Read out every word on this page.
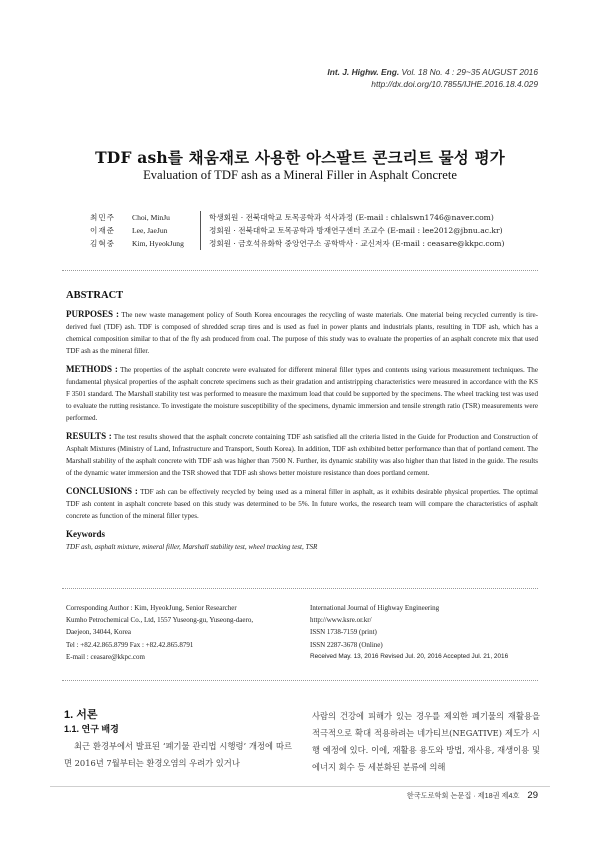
Int. J. Highw. Eng. Vol. 18 No. 4 : 29~35 AUGUST 2016
http://dx.doi.org/10.7855/IJHE.2016.18.4.029
TDF ash를 채움재로 사용한 아스팔트 콘크리트 물성 평가
Evaluation of TDF ash as a Mineral Filler in Asphalt Concrete
최민주	Choi, MinJu	학생회원 · 전북대학교 토목공학과 석사과정 (E-mail : chlalswn1746@naver.com)
이재준	Lee, JaeJun	정회원 · 전북대학교 토목공학과 방재연구센터 조교수 (E-mail : lee2012@jbnu.ac.kr)
김혁중	Kim, HyeokJung	정회원 · 금호석유화학 중앙연구소 공학박사 · 교신저자 (E-mail : ceasare@kkpc.com)
ABSTRACT

PURPOSES : The new waste management policy of South Korea encourages the recycling of waste materials. One material being recycled currently is tire-derived fuel (TDF) ash. TDF is composed of shredded scrap tires and is used as fuel in power plants and industrials plants, resulting in TDF ash, which has a chemical composition similar to that of the fly ash produced from coal. The purpose of this study was to evaluate the properties of an asphalt concrete mix that used TDF ash as the mineral filler.

METHODS : The properties of the asphalt concrete were evaluated for different mineral filler types and contents using various measurement techniques. The fundamental physical properties of the asphalt concrete specimens such as their gradation and antistripping characteristics were measured in accordance with the KS F 3501 standard. The Marshall stability test was performed to measure the maximum load that could be supported by the specimens. The wheel tracking test was used to evaluate the rutting resistance. To investigate the moisture susceptibility of the specimens, dynamic immersion and tensile strength ratio (TSR) measurements were performed.

RESULTS : The test results showed that the asphalt concrete containing TDF ash satisfied all the criteria listed in the Guide for Production and Construction of Asphalt Mixtures (Ministry of Land, Infrastructure and Transport, South Korea). In addition, TDF ash exhibited better performance than that of portland cement. The Marshall stability of the asphalt concrete with TDF ash was higher than 7500 N. Further, its dynamic stability was also higher than that listed in the guide. The results of the dynamic water immersion and the TSR showed that TDF ash shows better moisture resistance than does portland cement.

CONCLUSIONS : TDF ash can be effectively recycled by being used as a mineral filler in asphalt, as it exhibits desirable physical properties. The optimal TDF ash content in asphalt concrete based on this study was determined to be 5%. In future works, the research team will compare the characteristics of asphalt concrete as function of the mineral filler types.

Keywords
TDF ash, asphalt mixture, mineral filler, Marshall stability test, wheel tracking test, TSR
Corresponding Author : Kim, HyeokJung, Senior Researcher
Kumho Petrochemical Co., Ltd, 1557 Yuseong-gu, Yuseong-daero,
Daejeon, 34044, Korea
Tel : +82.42.865.8799 Fax : +82.42.865.8791
E-mail : ceasare@kkpc.com
International Journal of Highway Engineering
http://www.ksre.or.kr/
ISSN 1738-7159 (print)
ISSN 2287-3678 (Online)
Received May. 13, 2016 Revised Jul. 20, 2016 Accepted Jul. 21, 2016
1. 서론
1.1. 연구 배경
최근 환경부에서 발표된 ‘폐기물 관리법 시행령’ 개정에 따르면 2016년 7월부터는 환경오염의 우려가 있거나
사람의 건강에 피해가 있는 경우를 제외한 폐기물의 재활용을 적극적으로 확대 적용하려는 네가티브(NEGATIVE) 제도가 시행 예정에 있다. 이에, 재활용 용도와 방법, 재사용, 재생이용 및 에너지 회수 등 세분화된 분류에 의해
한국도로학회 논문집 · 제18권 제4호 29
